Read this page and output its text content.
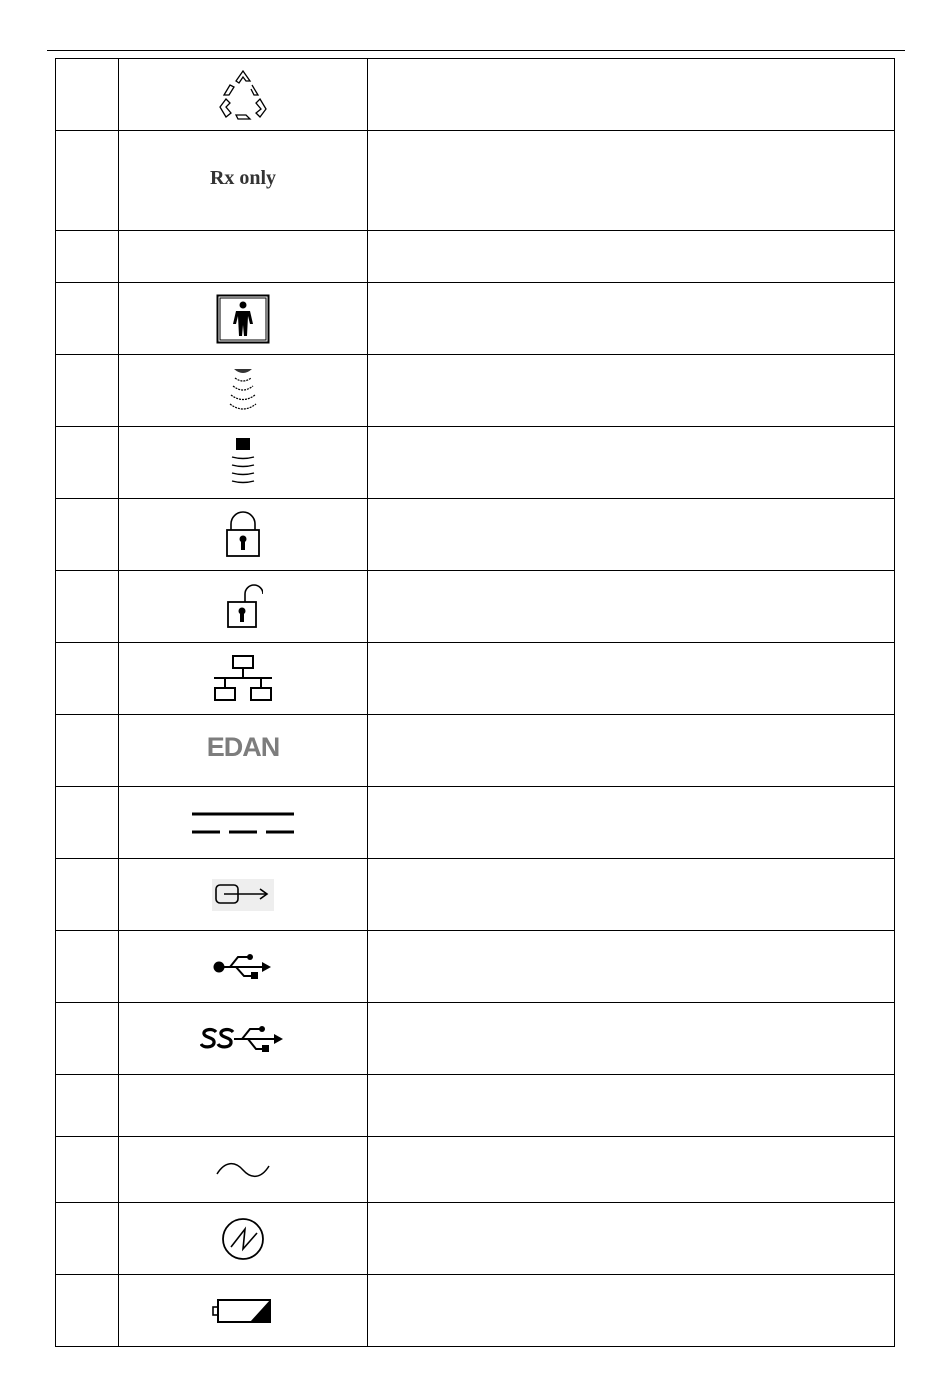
	Rx only	

	EDAN	
